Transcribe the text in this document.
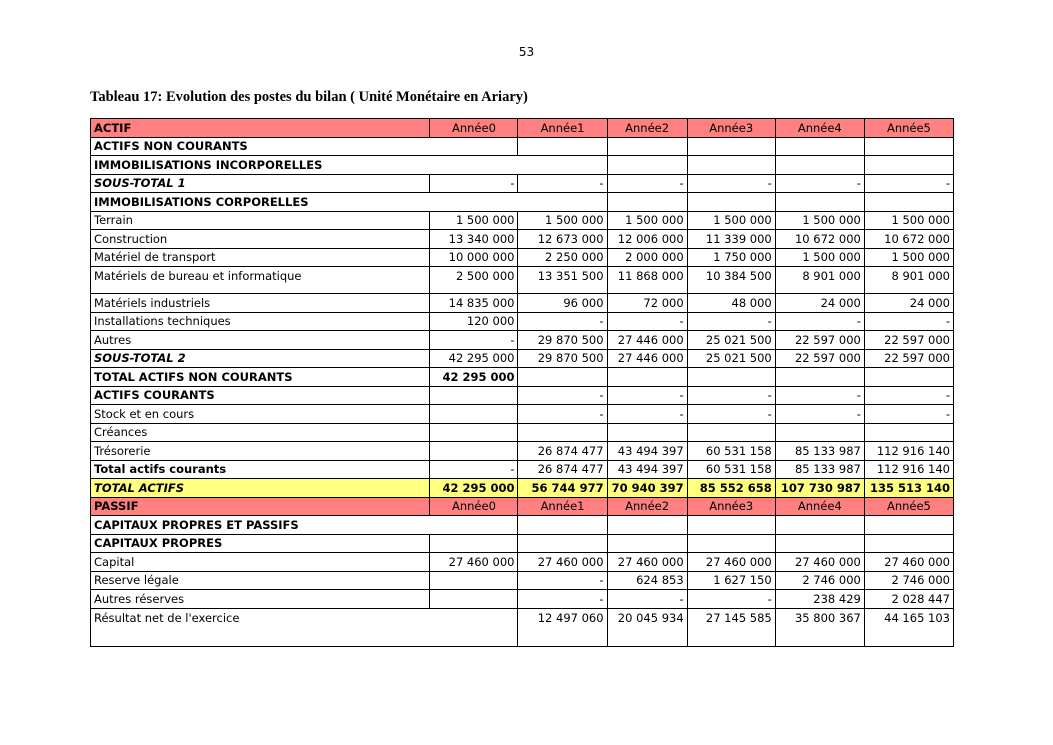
53
Tableau 17: Evolution des postes du bilan ( Unité Monétaire en Ariary)
ACTIF	Année0	Année1	Année2	Année3	Année4	Année5
ACTIFS NON COURANTS						
IMMOBILISATIONS INCORPORELLES						
SOUS-TOTAL 1	-	-	-	-	-	-
IMMOBILISATIONS CORPORELLES						
Terrain	1 500 000	1 500 000	1 500 000	1 500 000	1 500 000	1 500 000
Construction	13 340 000	12 673 000	12 006 000	11 339 000	10 672 000	10 672 000
Matériel de transport	10 000 000	2 250 000	2 000 000	1 750 000	1 500 000	1 500 000
Matériels de bureau et informatique	2 500 000	13 351 500	11 868 000	10 384 500	8 901 000	8 901 000
Matériels industriels	14 835 000	96 000	72 000	48 000	24 000	24 000
Installations techniques	120 000	-	-	-	-	-
Autres	-	29 870 500	27 446 000	25 021 500	22 597 000	22 597 000
SOUS-TOTAL 2	42 295 000	29 870 500	27 446 000	25 021 500	22 597 000	22 597 000
TOTAL ACTIFS NON COURANTS	42 295 000					
ACTIFS COURANTS		-	-	-	-	-
Stock et en cours		-	-	-	-	-
Créances						
Trésorerie		26 874 477	43 494 397	60 531 158	85 133 987	112 916 140
Total actifs courants	-	26 874 477	43 494 397	60 531 158	85 133 987	112 916 140
TOTAL ACTIFS	42 295 000	56 744 977	70 940 397	85 552 658	107 730 987	135 513 140
PASSIF	Année0	Année1	Année2	Année3	Année4	Année5
CAPITAUX PROPRES ET PASSIFS						
CAPITAUX PROPRES						
Capital	27 460 000	27 460 000	27 460 000	27 460 000	27 460 000	27 460 000
Reserve légale		-	624 853	1 627 150	2 746 000	2 746 000
Autres réserves		-	-	-	238 429	2 028 447
Résultat net de l'exercice		12 497 060	20 045 934	27 145 585	35 800 367	44 165 103
